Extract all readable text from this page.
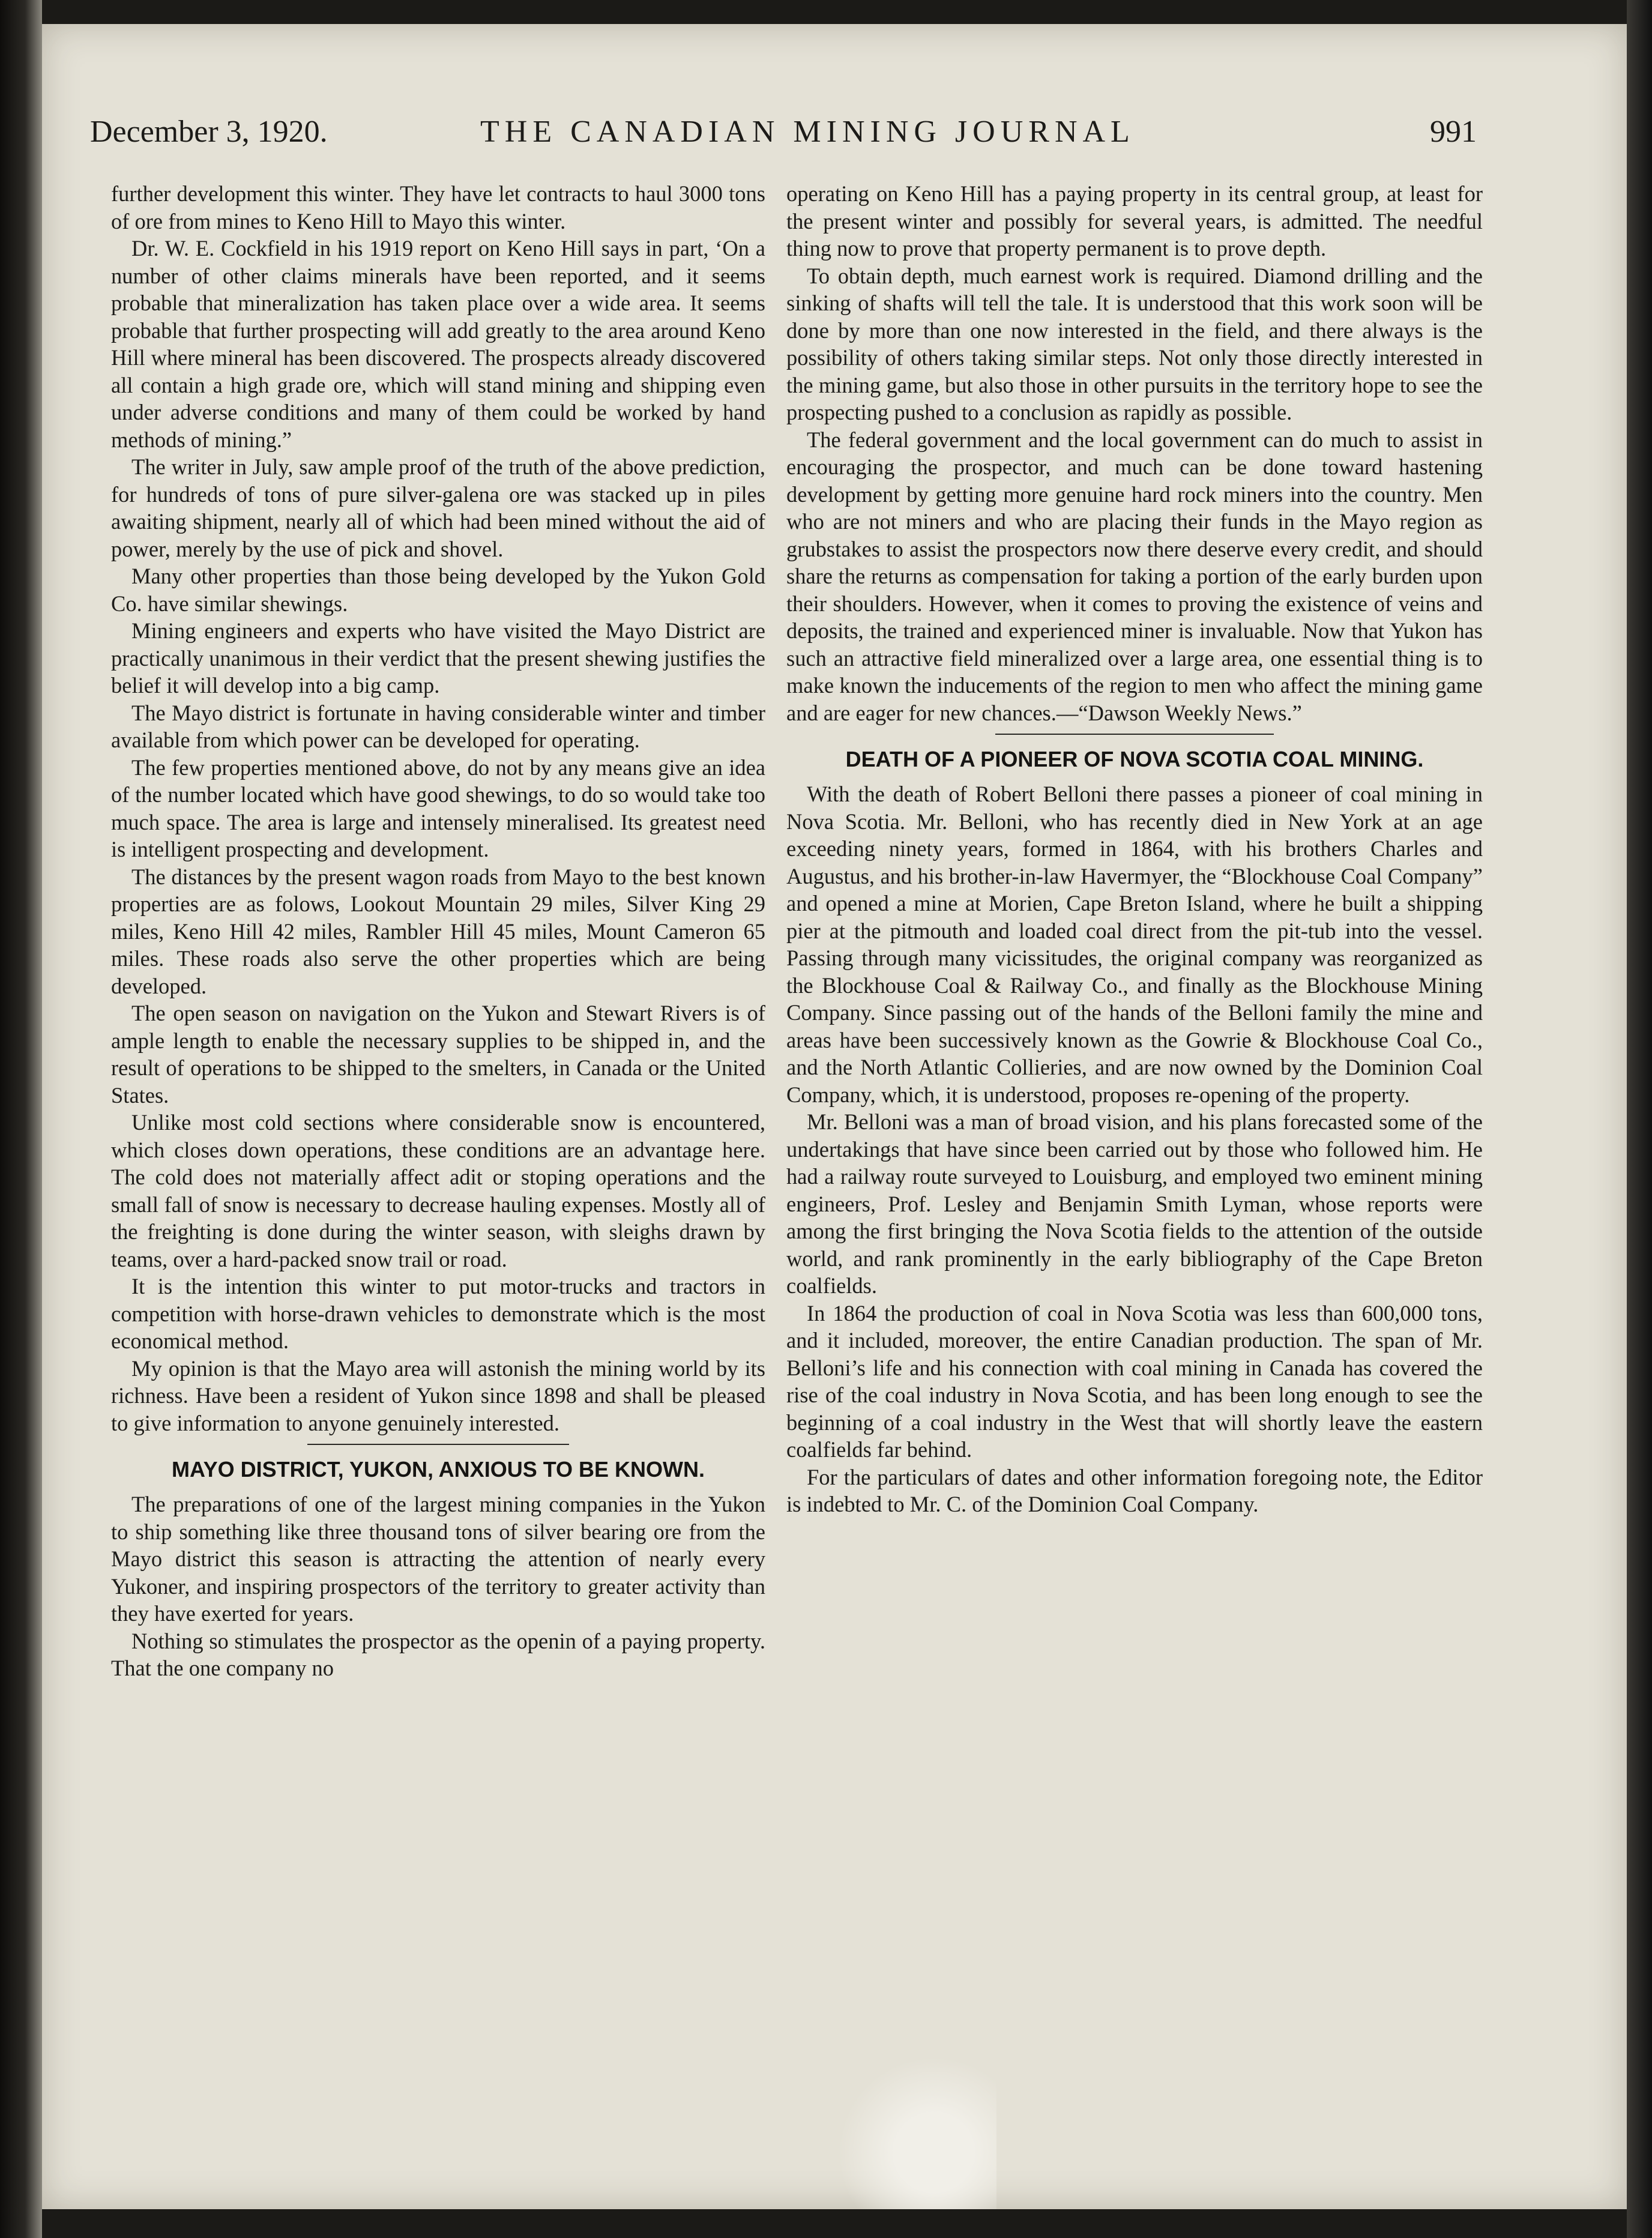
December 3, 1920.	THE CANADIAN MINING JOURNAL	991

further development this winter. They have let contracts to haul 3000 tons of ore from mines to Keno Hill to Mayo this winter.

Dr. W. E. Cockfield in his 1919 report on Keno Hill says in part, ‘On a number of other claims minerals have been reported, and it seems probable that mineralization has taken place over a wide area. It seems probable that further prospecting will add greatly to the area around Keno Hill where mineral has been discovered. The prospects already discovered all contain a high grade ore, which will stand mining and shipping even under adverse conditions and many of them could be worked by hand methods of mining.”

The writer in July, saw ample proof of the truth of the above prediction, for hundreds of tons of pure silver-galena ore was stacked up in piles awaiting shipment, nearly all of which had been mined without the aid of power, merely by the use of pick and shovel.

Many other properties than those being developed by the Yukon Gold Co. have similar shewings.

Mining engineers and experts who have visited the Mayo District are practically unanimous in their verdict that the present shewing justifies the belief it will develop into a big camp.

The Mayo district is fortunate in having considerable winter and timber available from which power can be developed for operating.

The few properties mentioned above, do not by any means give an idea of the number located which have good shewings, to do so would take too much space. The area is large and intensely mineralised. Its greatest need is intelligent prospecting and development.

The distances by the present wagon roads from Mayo to the best known properties are as folows, Lookout Mountain 29 miles, Silver King 29 miles, Keno Hill 42 miles, Rambler Hill 45 miles, Mount Cameron 65 miles. These roads also serve the other properties which are being developed.

The open season on navigation on the Yukon and Stewart Rivers is of ample length to enable the necessary supplies to be shipped in, and the result of operations to be shipped to the smelters, in Canada or the United States.

Unlike most cold sections where considerable snow is encountered, which closes down operations, these conditions are an advantage here. The cold does not materially affect adit or stoping operations and the small fall of snow is necessary to decrease hauling expenses. Mostly all of the freighting is done during the winter season, with sleighs drawn by teams, over a hard-packed snow trail or road.

It is the intention this winter to put motor-trucks and tractors in competition with horse-drawn vehicles to demonstrate which is the most economical method.

My opinion is that the Mayo area will astonish the mining world by its richness. Have been a resident of Yukon since 1898 and shall be pleased to give information to anyone genuinely interested.

MAYO DISTRICT, YUKON, ANXIOUS TO BE KNOWN.

The preparations of one of the largest mining companies in the Yukon to ship something like three thousand tons of silver bearing ore from the Mayo district this season is attracting the attention of nearly every Yukoner, and inspiring prospectors of the territory to greater activity than they have exerted for years.

Nothing so stimulates the prospector as the openin of a paying property. That the one company no

operating on Keno Hill has a paying property in its central group, at least for the present winter and possibly for several years, is admitted. The needful thing now to prove that property permanent is to prove depth.

To obtain depth, much earnest work is required. Diamond drilling and the sinking of shafts will tell the tale. It is understood that this work soon will be done by more than one now interested in the field, and there always is the possibility of others taking similar steps. Not only those directly interested in the mining game, but also those in other pursuits in the territory hope to see the prospecting pushed to a conclusion as rapidly as possible.

The federal government and the local government can do much to assist in encouraging the prospector, and much can be done toward hastening development by getting more genuine hard rock miners into the country. Men who are not miners and who are placing their funds in the Mayo region as grubstakes to assist the prospectors now there deserve every credit, and should share the returns as compensation for taking a portion of the early burden upon their shoulders. However, when it comes to proving the existence of veins and deposits, the trained and experienced miner is invaluable. Now that Yukon has such an attractive field mineralized over a large area, one essential thing is to make known the inducements of the region to men who affect the mining game and are eager for new chances.—“Dawson Weekly News.”

DEATH OF A PIONEER OF NOVA SCOTIA COAL MINING.

With the death of Robert Belloni there passes a pioneer of coal mining in Nova Scotia. Mr. Belloni, who has recently died in New York at an age exceeding ninety years, formed in 1864, with his brothers Charles and Augustus, and his brother-in-law Havermyer, the “Blockhouse Coal Company” and opened a mine at Morien, Cape Breton Island, where he built a shipping pier at the pitmouth and loaded coal direct from the pit-tub into the vessel. Passing through many vicissitudes, the original company was reorganized as the Blockhouse Coal & Railway Co., and finally as the Blockhouse Mining Company. Since passing out of the hands of the Belloni family the mine and areas have been successively known as the Gowrie & Blockhouse Coal Co., and the North Atlantic Collieries, and are now owned by the Dominion Coal Company, which, it is understood, proposes re-opening of the property.

Mr. Belloni was a man of broad vision, and his plans forecasted some of the undertakings that have since been carried out by those who followed him. He had a railway route surveyed to Louisburg, and employed two eminent mining engineers, Prof. Lesley and Benjamin Smith Lyman, whose reports were among the first bringing the Nova Scotia fields to the attention of the outside world, and rank prominently in the early bibliography of the Cape Breton coalfields.

In 1864 the production of coal in Nova Scotia was less than 600,000 tons, and it included, moreover, the entire Canadian production. The span of Mr. Belloni’s life and his connection with coal mining in Canada has covered the rise of the coal industry in Nova Scotia, and has been long enough to see the beginning of a coal industry in the West that will shortly leave the eastern coalfields far behind.

For the particulars of dates and other information foregoing note, the Editor is indebted to Mr. C. of the Dominion Coal Company.
